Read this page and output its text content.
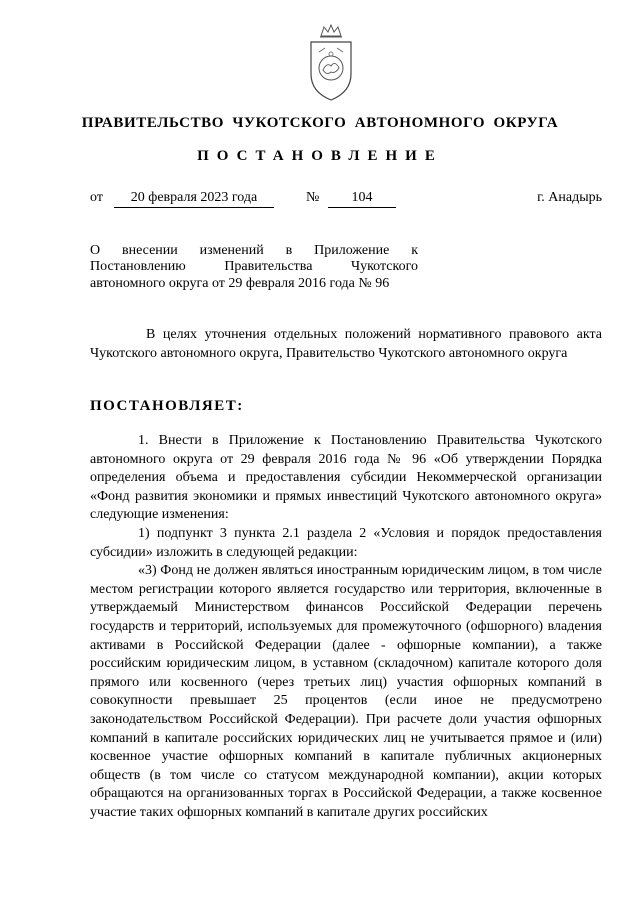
ПРАВИТЕЛЬСТВО ЧУКОТСКОГО АВТОНОМНОГО ОКРУГА
ПОСТАНОВЛЕНИЕ
от	20 февраля 2023 года	№	104	г. Анадырь
О внесении изменений в Приложение к Постановлению Правительства Чукотского автономного округа от 29 февраля 2016 года № 96
В целях уточнения отдельных положений нормативного правового акта Чукотского автономного округа, Правительство Чукотского автономного округа
ПОСТАНОВЛЯЕТ:

1. Внести в Приложение к Постановлению Правительства Чукотского автономного округа от 29 февраля 2016 года № 96 «Об утверждении Порядка определения объема и предоставления субсидии Некоммерческой организации «Фонд развития экономики и прямых инвестиций Чукотского автономного округа» следующие изменения:

1) подпункт 3 пункта 2.1 раздела 2 «Условия и порядок предоставления субсидии» изложить в следующей редакции:

«3) Фонд не должен являться иностранным юридическим лицом, в том числе местом регистрации которого является государство или территория, включенные в утверждаемый Министерством финансов Российской Федерации перечень государств и территорий, используемых для промежуточного (офшорного) владения активами в Российской Федерации (далее - офшорные компании), а также российским юридическим лицом, в уставном (складочном) капитале которого доля прямого или косвенного (через третьих лиц) участия офшорных компаний в совокупности превышает 25 процентов (если иное не предусмотрено законодательством Российской Федерации). При расчете доли участия офшорных компаний в капитале российских юридических лиц не учитывается прямое и (или) косвенное участие офшорных компаний в капитале публичных акционерных обществ (в том числе со статусом международной компании), акции которых обращаются на организованных торгах в Российской Федерации, а также косвенное участие таких офшорных компаний в капитале других российских
